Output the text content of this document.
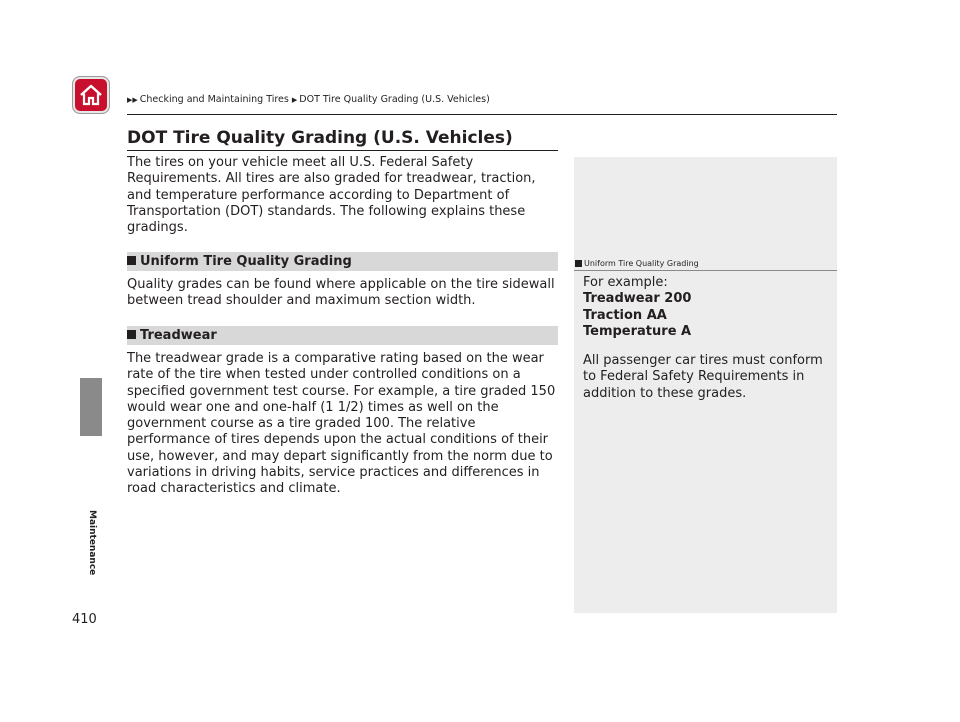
▶▶ Checking and Maintaining Tires ▶ DOT Tire Quality Grading (U.S. Vehicles)
Maintenance
410
DOT Tire Quality Grading (U.S. Vehicles)
The tires on your vehicle meet all U.S. Federal Safety Requirements. All tires are also graded for treadwear, traction, and temperature performance according to Department of Transportation (DOT) standards. The following explains these gradings.
Uniform Tire Quality Grading
Quality grades can be found where applicable on the tire sidewall between tread shoulder and maximum section width.
Treadwear
The treadwear grade is a comparative rating based on the wear rate of the tire when tested under controlled conditions on a specified government test course. For example, a tire graded 150 would wear one and one-half (1 1/2) times as well on the government course as a tire graded 100. The relative performance of tires depends upon the actual conditions of their use, however, and may depart significantly from the norm due to variations in driving habits, service practices and differences in road characteristics and climate.
Uniform Tire Quality Grading
For example:
Treadwear 200
Traction AA
Temperature A
All passenger car tires must conform to Federal Safety Requirements in addition to these grades.
